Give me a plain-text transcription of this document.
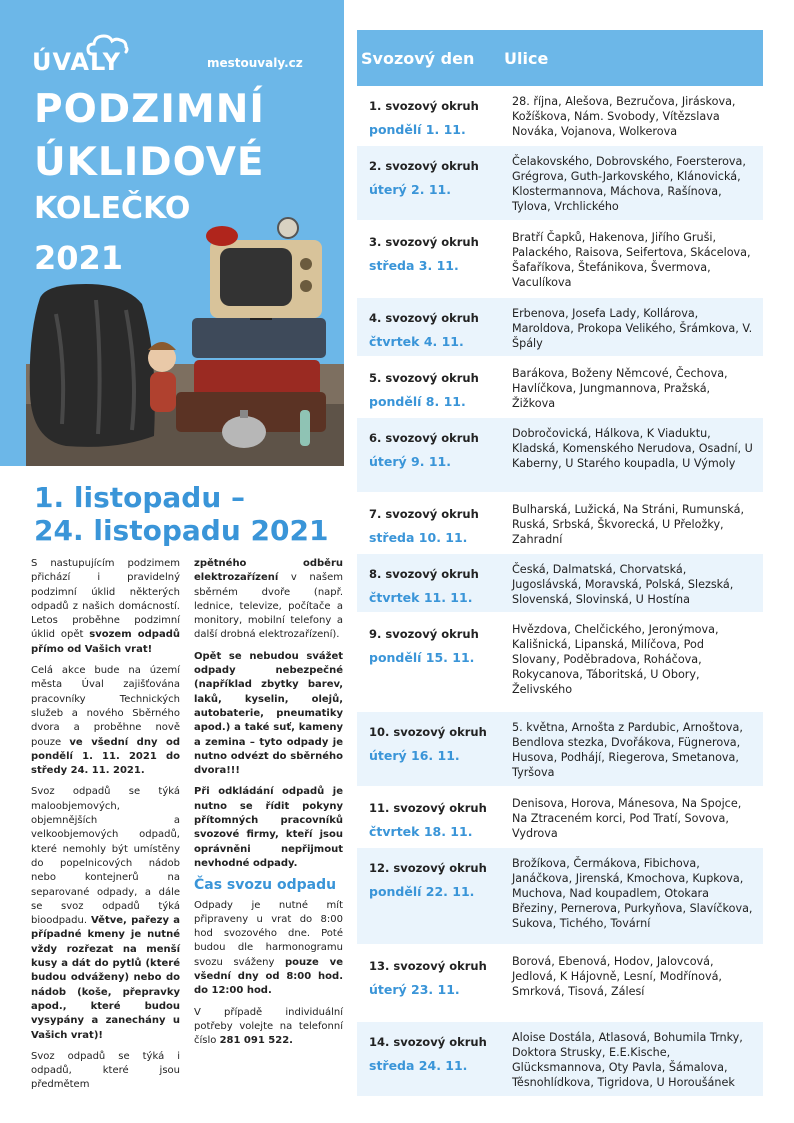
ÚVALY	mestouvaly.cz
PODZIMNÍ
ÚKLIDOVÉ
KOLEČKO
2021
1. listopadu –
24. listopadu 2021

S nastupujícím podzimem přichází i pravidelný podzimní úklid některých odpadů z našich domácností. Letos proběhne podzimní úklid opět svozem odpadů přímo od Vašich vrat!

Celá akce bude na území města Úval zajišťována pracovníky Technických služeb a nového Sběrného dvora a proběhne nově pouze ve všední dny od pondělí 1. 11. 2021 do středy 24. 11. 2021.

Svoz odpadů se týká maloobjemových, objemnějších a velkoobjemových odpadů, které nemohly být umístěny do popelnicových nádob nebo kontejnerů na separované odpady, a dále se svoz odpadů týká bioodpadu. Větve, pařezy a případné kmeny je nutné vždy rozřezat na menší kusy a dát do pytlů (které budou odváženy) nebo do nádob (koše, přepravky apod., které budou vysypány a zanechány u Vašich vrat)!

Svoz odpadů se týká i odpadů, které jsou předmětem

zpětného odběru elektrozařízení v našem sběrném dvoře (např. lednice, televize, počítače a monitory, mobilní telefony a další drobná elektrozařízení).

Opět se nebudou svážet odpady nebezpečné (například zbytky barev, laků, kyselin, olejů, autobaterie, pneumatiky apod.) a také suť, kameny a zemina – tyto odpady je nutno odvézt do sběrného dvora!!!

Při odkládání odpadů je nutno se řídit pokyny přítomných pracovníků svozové firmy, kteří jsou oprávněni nepřijmout nevhodné odpady.

Čas svozu odpadu

Odpady je nutné mít připraveny u vrat do 8:00 hod svozového dne. Poté budou dle harmonogramu svozu sváženy pouze ve všední dny od 8:00 hod. do 12:00 hod.

V případě individuální potřeby volejte na telefonní číslo 281 091 522.

Svozový den	Ulice
1. svozový okruh
pondělí 1. 11.
28. října, Alešova, Bezručova, Jiráskova, Kožíškova, Nám. Svobody, Vítězslava Nováka, Vojanova, Wolkerova
2. svozový okruh
úterý 2. 11.
Čelakovského, Dobrovského, Foersterova, Grégrova, Guth-Jarkovského, Klánovická, Klostermannova, Máchova, Rašínova, Tylova, Vrchlického
3. svozový okruh
středa 3. 11.
Bratří Čapků, Hakenova, Jiřího Gruši, Palackého, Raisova, Seifertova, Skácelova, Šafaříkova, Štefánikova, Švermova, Vaculíkova
4. svozový okruh
čtvrtek 4. 11.
Erbenova, Josefa Lady, Kollárova, Maroldova, Prokopa Velikého, Šrámkova, V. Špály
5. svozový okruh
pondělí 8. 11.
Barákova, Boženy Němcové, Čechova, Havlíčkova, Jungmannova, Pražská, Žižkova
6. svozový okruh
úterý 9. 11.
Dobročovická, Hálkova, K Viaduktu, Kladská, Komenského Nerudova, Osadní, U Kaberny, U Starého koupadla, U Výmoly
7. svozový okruh
středa 10. 11.
Bulharská, Lužická, Na Stráni, Rumunská, Ruská, Srbská, Škvorecká, U Přeložky, Zahradní
8. svozový okruh
čtvrtek 11. 11.
Česká, Dalmatská, Chorvatská, Jugoslávská, Moravská, Polská, Slezská, Slovenská, Slovinská, U Hostína
9. svozový okruh
pondělí 15. 11.
Hvězdova, Chelčického, Jeronýmova, Kališnická, Lipanská, Milíčova, Pod Slovany, Poděbradova, Roháčova, Rokycanova, Táboritská, U Obory, Želivského
10. svozový okruh
úterý 16. 11.
5. května, Arnošta z Pardubic, Arnoštova, Bendlova stezka, Dvořákova, Fügnerova, Husova, Podhájí, Riegerova, Smetanova, Tyršova
11. svozový okruh
čtvrtek 18. 11.
Denisova, Horova, Mánesova, Na Spojce, Na Ztraceném korci, Pod Tratí, Sovova, Vydrova
12. svozový okruh
pondělí 22. 11.
Brožíkova, Čermákova, Fibichova, Janáčkova, Jirenská, Kmochova, Kupkova, Muchova, Nad koupadlem, Otokara Březiny, Pernerova, Purkyňova, Slavíčkova, Sukova, Tichého, Tovární
13. svozový okruh
úterý 23. 11.
Borová, Ebenová, Hodov, Jalovcová, Jedlová, K Hájovně, Lesní, Modřínová, Smrková, Tisová, Zálesí
14. svozový okruh
středa 24. 11.
Aloise Dostála, Atlasová, Bohumila Trnky, Doktora Strusky, E.E.Kische, Glücksmannova, Oty Pavla, Šámalova, Těsnohlídkova, Tigridova, U Horoušánek
